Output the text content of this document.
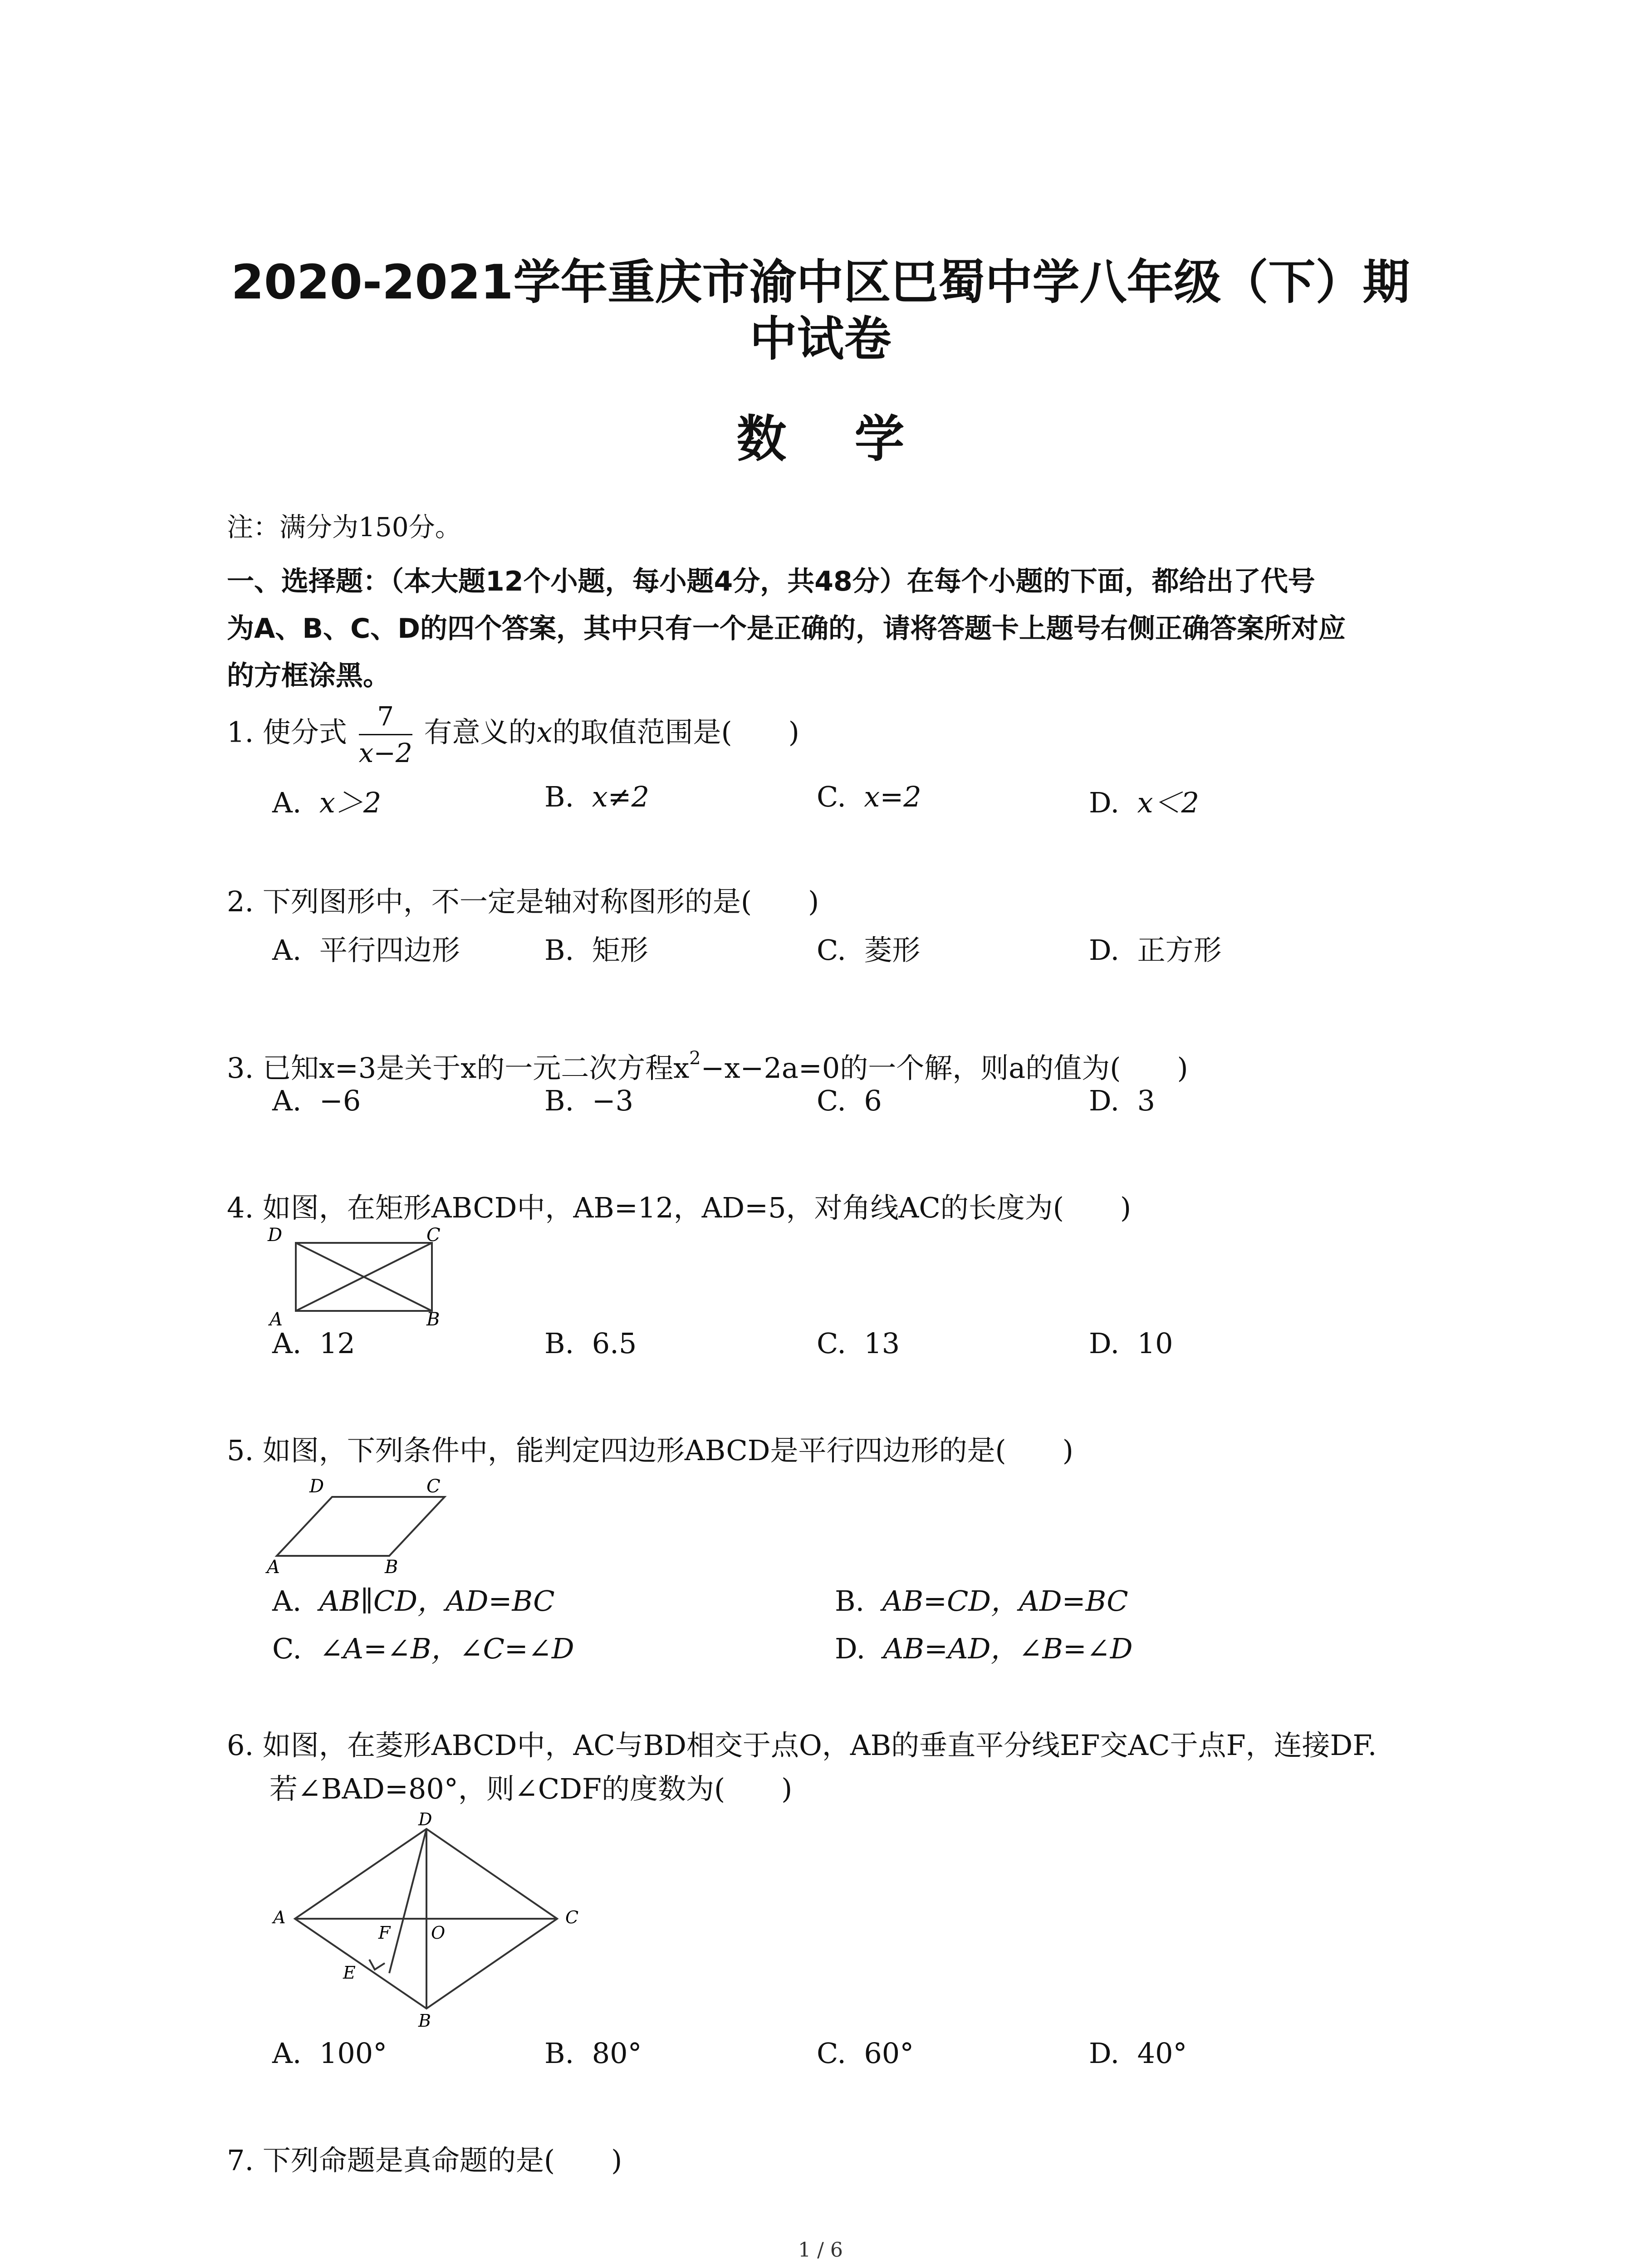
2020-2021学年重庆市渝中区巴蜀中学八年级（下）期
中试卷
数学
注：满分为150分。
一、选择题：（本大题12个小题，每小题4分，共48分）在每个小题的下面，都给出了代号
为A、B、C、D的四个答案，其中只有一个是正确的，请将答题卡上题号右侧正确答案所对应
的方框涂黑。
1. 使分式 $\frac{7}{x-2}$ 有意义的x的取值范围是(　　)
A. x＞2	B. x≠2	C. x=2	D. x＜2
2. 下列图形中，不一定是轴对称图形的是(　　)
A. 平行四边形	B. 矩形	C. 菱形	D. 正方形
3. 已知x=3是关于x的一元二次方程$x^2-x-2a=0$的一个解，则a的值为(　　)
A. −6	B. −3	C. 6	D. 3
4. 如图，在矩形ABCD中，AB=12，AD=5，对角线AC的长度为(　　)
D	C
A	B
A. 12	B. 6.5	C. 13	D. 10
5. 如图，下列条件中，能判定四边形ABCD是平行四边形的是(　　)
D	C
A	B
A. AB∥CD，AD=BC	B. AB=CD，AD=BC
C. ∠A=∠B，∠C=∠D	D. AB=AD，∠B=∠D
6. 如图，在菱形ABCD中，AC与BD相交于点O，AB的垂直平分线EF交AC于点F，连接DF.
若∠BAD=80°，则∠CDF的度数为(　　)
D
A	C
F O
E
B
A. 100°	B. 80°	C. 60°	D. 40°
7. 下列命题是真命题的是(　　)
1 / 6
